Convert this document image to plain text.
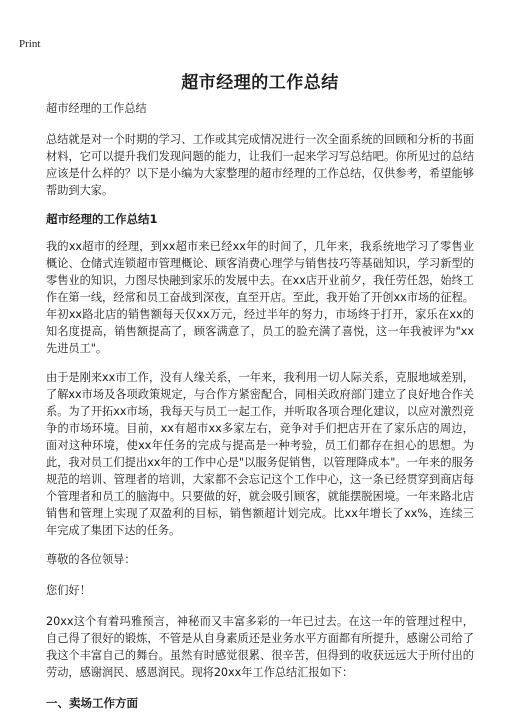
Print
超市经理的工作总结

超市经理的工作总结

总结就是对一个时期的学习、工作或其完成情况进行一次全面系统的回顾和分析的书面材料，它可以提升我们发现问题的能力，让我们一起来学习写总结吧。你所见过的总结应该是什么样的？以下是小编为大家整理的超市经理的工作总结，仅供参考，希望能够帮助到大家。

超市经理的工作总结1

我的xx超市的经理，到xx超市来已经xx年的时间了，几年来，我系统地学习了零售业概论、仓储式连锁超市管理概论、顾客消费心理学与销售技巧等基础知识，学习新型的零售业的知识，力图尽快融到家乐的发展中去。在xx店开业前夕，我任劳任怨，始终工作在第一线，经常和员工奋战到深夜，直至开店。至此，我开始了开创xx市场的征程。年初xx路北店的销售额每天仅xx万元，经过半年的努力，市场终于打开，家乐在xx的知名度提高，销售额提高了，顾客满意了，员工的脸充满了喜悦，这一年我被评为"xx先进员工"。

由于是刚来xx市工作，没有人缘关系，一年来，我利用一切人际关系，克服地域差别，了解xx市场及各项政策规定，与合作方紧密配合，同相关政府部门建立了良好地合作关系。为了开拓xx市场，我每天与员工一起工作，并听取各项合理化建议，以应对激烈竞争的市场环境。目前，xx有超市xx多家左右，竞争对手们把店开在了家乐店的周边，面对这种环境，使xx年任务的完成与提高是一种考验，员工们都存在担心的思想。为此，我对员工们提出xx年的工作中心是"以服务促销售，以管理降成本"。一年来的服务规范的培训、管理者的培训，大家都不会忘记这个工作中心，这一条已经贯穿到商店每个管理者和员工的脑海中。只要做的好，就会吸引顾客，就能摆脱困境。一年来路北店销售和管理上实现了双盈利的目标，销售额超计划完成。比xx年增长了xx%，连续三年完成了集团下达的任务。

尊敬的各位领导：

您们好！

20xx这个有着玛雅预言，神秘而又丰富多彩的一年已过去。在这一年的管理过程中，自己得了很好的锻炼，不管是从自身素质还是业务水平方面都有所提升，感谢公司给了我这个丰富自己的舞台。虽然有时感觉很累、很辛苦，但得到的收获远远大于所付出的劳动，感谢润民、感恩润民。现将20xx年工作总结汇报如下：

一、卖场工作方面
